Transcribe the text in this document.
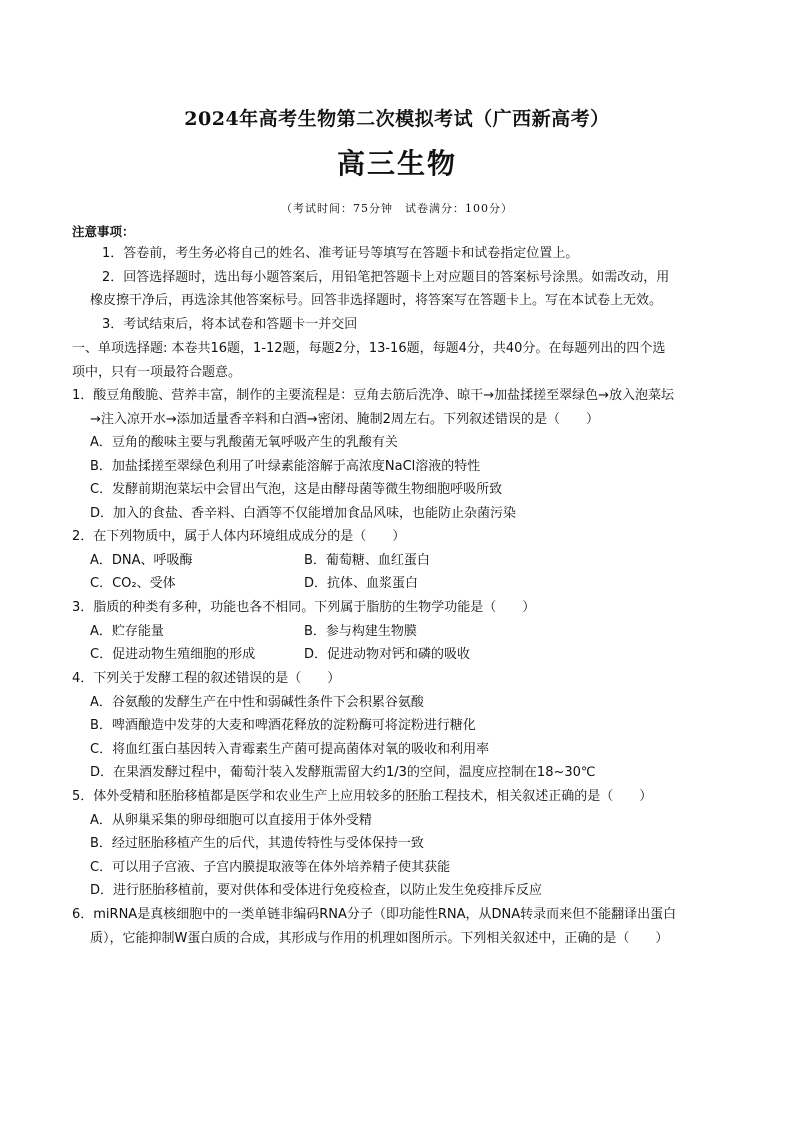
2024年高考生物第二次模拟考试（广西新高考）
高三生物
（考试时间：75分钟　试卷满分：100分）
注意事项：
1．答卷前，考生务必将自己的姓名、准考证号等填写在答题卡和试卷指定位置上。
2．回答选择题时，选出每小题答案后，用铅笔把答题卡上对应题目的答案标号涂黑。如需改动，用
橡皮擦干净后，再选涂其他答案标号。回答非选择题时，将答案写在答题卡上。写在本试卷上无效。
3．考试结束后，将本试卷和答题卡一并交回
一、单项选择题: 本卷共16题，1-12题，每题2分，13-16题，每题4分，共40分。在每题列出的四个选
项中，只有一项最符合题意。
1．酸豆角酸脆、营养丰富，制作的主要流程是：豆角去筋后洗净、晾干→加盐揉搓至翠绿色→放入泡菜坛
→注入凉开水→添加适量香辛料和白酒→密闭、腌制2周左右。下列叙述错误的是（　　）
A．豆角的酸味主要与乳酸菌无氧呼吸产生的乳酸有关
B．加盐揉搓至翠绿色利用了叶绿素能溶解于高浓度NaCl溶液的特性
C．发酵前期泡菜坛中会冒出气泡，这是由酵母菌等微生物细胞呼吸所致
D．加入的食盐、香辛料、白酒等不仅能增加食品风味，也能防止杂菌污染
2．在下列物质中，属于人体内环境组成成分的是（　　）
A．DNA、呼吸酶	B．葡萄糖、血红蛋白
C．CO₂、受体	D．抗体、血浆蛋白
3．脂质的种类有多种，功能也各不相同。下列属于脂肪的生物学功能是（　　）
A．贮存能量	B．参与构建生物膜
C．促进动物生殖细胞的形成	D．促进动物对钙和磷的吸收
4．下列关于发酵工程的叙述错误的是（　　）
A．谷氨酸的发酵生产在中性和弱碱性条件下会积累谷氨酸
B．啤酒酿造中发芽的大麦和啤酒花释放的淀粉酶可将淀粉进行糖化
C．将血红蛋白基因转入青霉素生产菌可提高菌体对氧的吸收和利用率
D．在果酒发酵过程中，葡萄汁装入发酵瓶需留大约1/3的空间，温度应控制在18~30℃
5．体外受精和胚胎移植都是医学和农业生产上应用较多的胚胎工程技术，相关叙述正确的是（　　）
A．从卵巢采集的卵母细胞可以直接用于体外受精
B．经过胚胎移植产生的后代，其遗传特性与受体保持一致
C．可以用子宫液、子宫内膜提取液等在体外培养精子使其获能
D．进行胚胎移植前，要对供体和受体进行免疫检查，以防止发生免疫排斥反应
6．miRNA是真核细胞中的一类单链非编码RNA分子（即功能性RNA，从DNA转录而来但不能翻译出蛋白
质），它能抑制W蛋白质的合成，其形成与作用的机理如图所示。下列相关叙述中，正确的是（　　）
